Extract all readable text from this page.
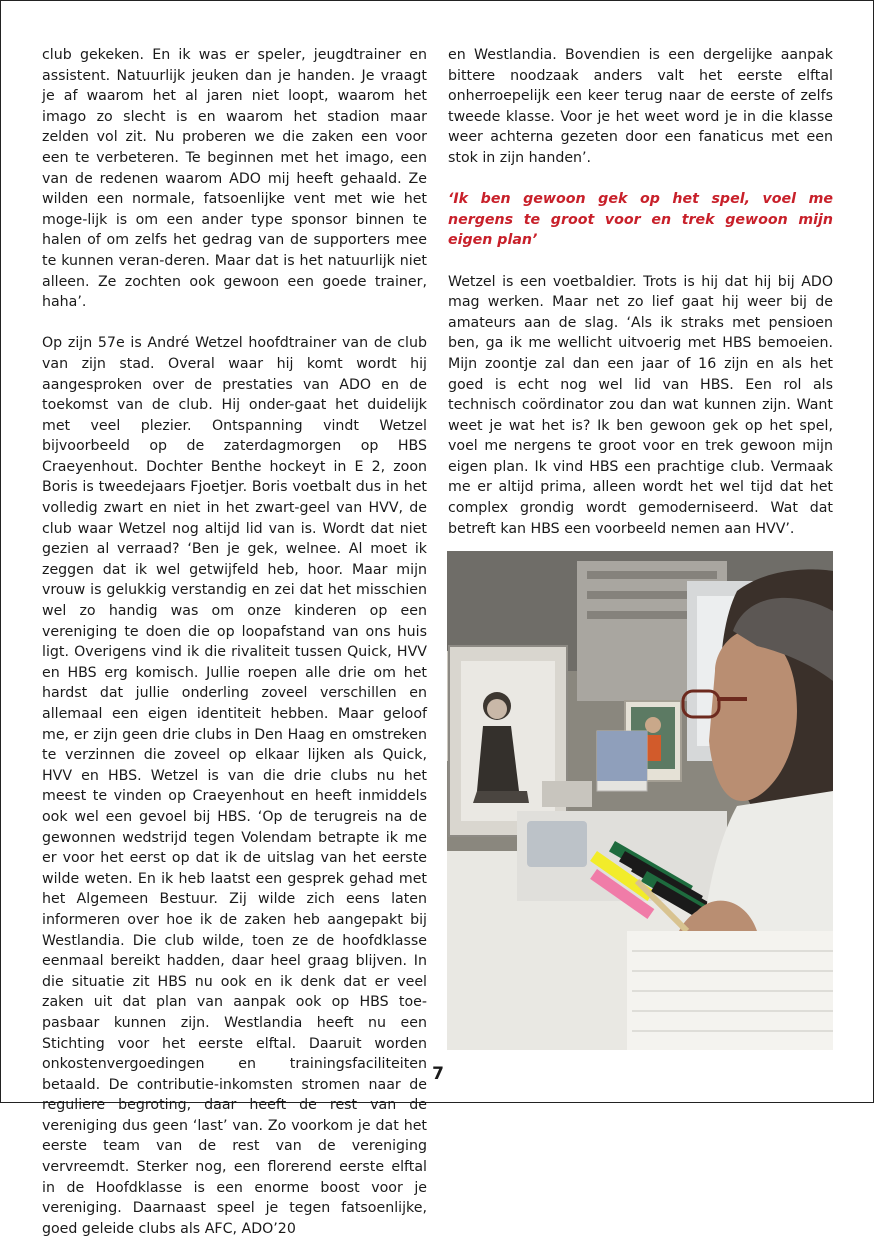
club gekeken. En ik was er speler, jeugdtrainer en assistent. Natuurlijk jeuken dan je handen. Je vraagt je af waarom het al jaren niet loopt, waarom het imago zo slecht is en waarom het stadion maar zelden vol zit. Nu proberen we die zaken een voor een te verbeteren. Te beginnen met het imago, een van de redenen waarom ADO mij heeft gehaald. Ze wilden een normale, fatsoenlijke vent met wie het moge-lijk is om een ander type sponsor binnen te halen of om zelfs het gedrag van de supporters mee te kunnen veran-deren. Maar dat is het natuurlijk niet alleen. Ze zochten ook gewoon een goede trainer, haha’.

Op zijn 57e is André Wetzel hoofdtrainer van de club van zijn stad. Overal waar hij komt wordt hij aangesproken over de prestaties van ADO en de toekomst van de club. Hij onder-gaat het duidelijk met veel plezier. Ontspanning vindt Wetzel bijvoorbeeld op de zaterdagmorgen op HBS Craeyenhout. Dochter Benthe hockeyt in E 2, zoon Boris is tweedejaars Fjoetjer. Boris voetbalt dus in het volledig zwart en niet in het zwart-geel van HVV, de club waar Wetzel nog altijd lid van is. Wordt dat niet gezien al verraad? ‘Ben je gek, welnee. Al moet ik zeggen dat ik wel getwijfeld heb, hoor. Maar mijn vrouw is gelukkig verstandig en zei dat het misschien wel zo handig was om onze kinderen op een vereniging te doen die op loopafstand van ons huis ligt. Overigens vind ik die rivaliteit tussen Quick, HVV en HBS erg komisch. Jullie roepen alle drie om het hardst dat jullie onderling zoveel verschillen en allemaal een eigen identiteit hebben. Maar geloof me, er zijn geen drie clubs in Den Haag en omstreken te verzinnen die zoveel op elkaar lijken als Quick, HVV en HBS. Wetzel is van die drie clubs nu het meest te vinden op Craeyenhout en heeft inmiddels ook wel een gevoel bij HBS. ‘Op de terugreis na de gewonnen wedstrijd tegen Volendam betrapte ik me er voor het eerst op dat ik de uitslag van het eerste wilde weten. En ik heb laatst een gesprek gehad met het Algemeen Bestuur. Zij wilde zich eens laten informeren over hoe ik de zaken heb aangepakt bij Westlandia. Die club wilde, toen ze de hoofdklasse eenmaal bereikt hadden, daar heel graag blijven. In die situatie zit HBS nu ook en ik denk dat er veel zaken uit dat plan van aanpak ook op HBS toe-pasbaar kunnen zijn. Westlandia heeft nu een Stichting voor het eerste elftal. Daaruit worden onkostenvergoedingen en trainingsfaciliteiten betaald. De contributie-inkomsten stromen naar de reguliere begroting, daar heeft de rest van de vereniging dus geen ‘last’ van. Zo voorkom je dat het eerste team van de rest van de vereniging vervreemdt. Sterker nog, een florerend eerste elftal in de Hoofdklasse is een enorme boost voor je vereniging. Daarnaast speel je tegen fatsoenlijke, goed geleide clubs als AFC, ADO’20

en Westlandia. Bovendien is een dergelijke aanpak bittere noodzaak anders valt het eerste elftal onherroepelijk een keer terug naar de eerste of zelfs tweede klasse. Voor je het weet word je in die klasse weer achterna gezeten door een fanaticus met een stok in zijn handen’.

‘Ik ben gewoon gek op het spel, voel me nergens te groot voor en trek gewoon mijn eigen plan’

Wetzel is een voetbaldier. Trots is hij dat hij bij ADO mag werken. Maar net zo lief gaat hij weer bij de amateurs aan de slag. ‘Als ik straks met pensioen ben, ga ik me wellicht uitvoerig met HBS bemoeien. Mijn zoontje zal dan een jaar of 16 zijn en als het goed is echt nog wel lid van HBS. Een rol als technisch coördinator zou dan wat kunnen zijn. Want weet je wat het is? Ik ben gewoon gek op het spel, voel me nergens te groot voor en trek gewoon mijn eigen plan. Ik vind HBS een prachtige club. Vermaak me er altijd prima, alleen wordt het wel tijd dat het complex grondig wordt gemoderniseerd. Wat dat betreft kan HBS een voorbeeld nemen aan HVV’.

7
